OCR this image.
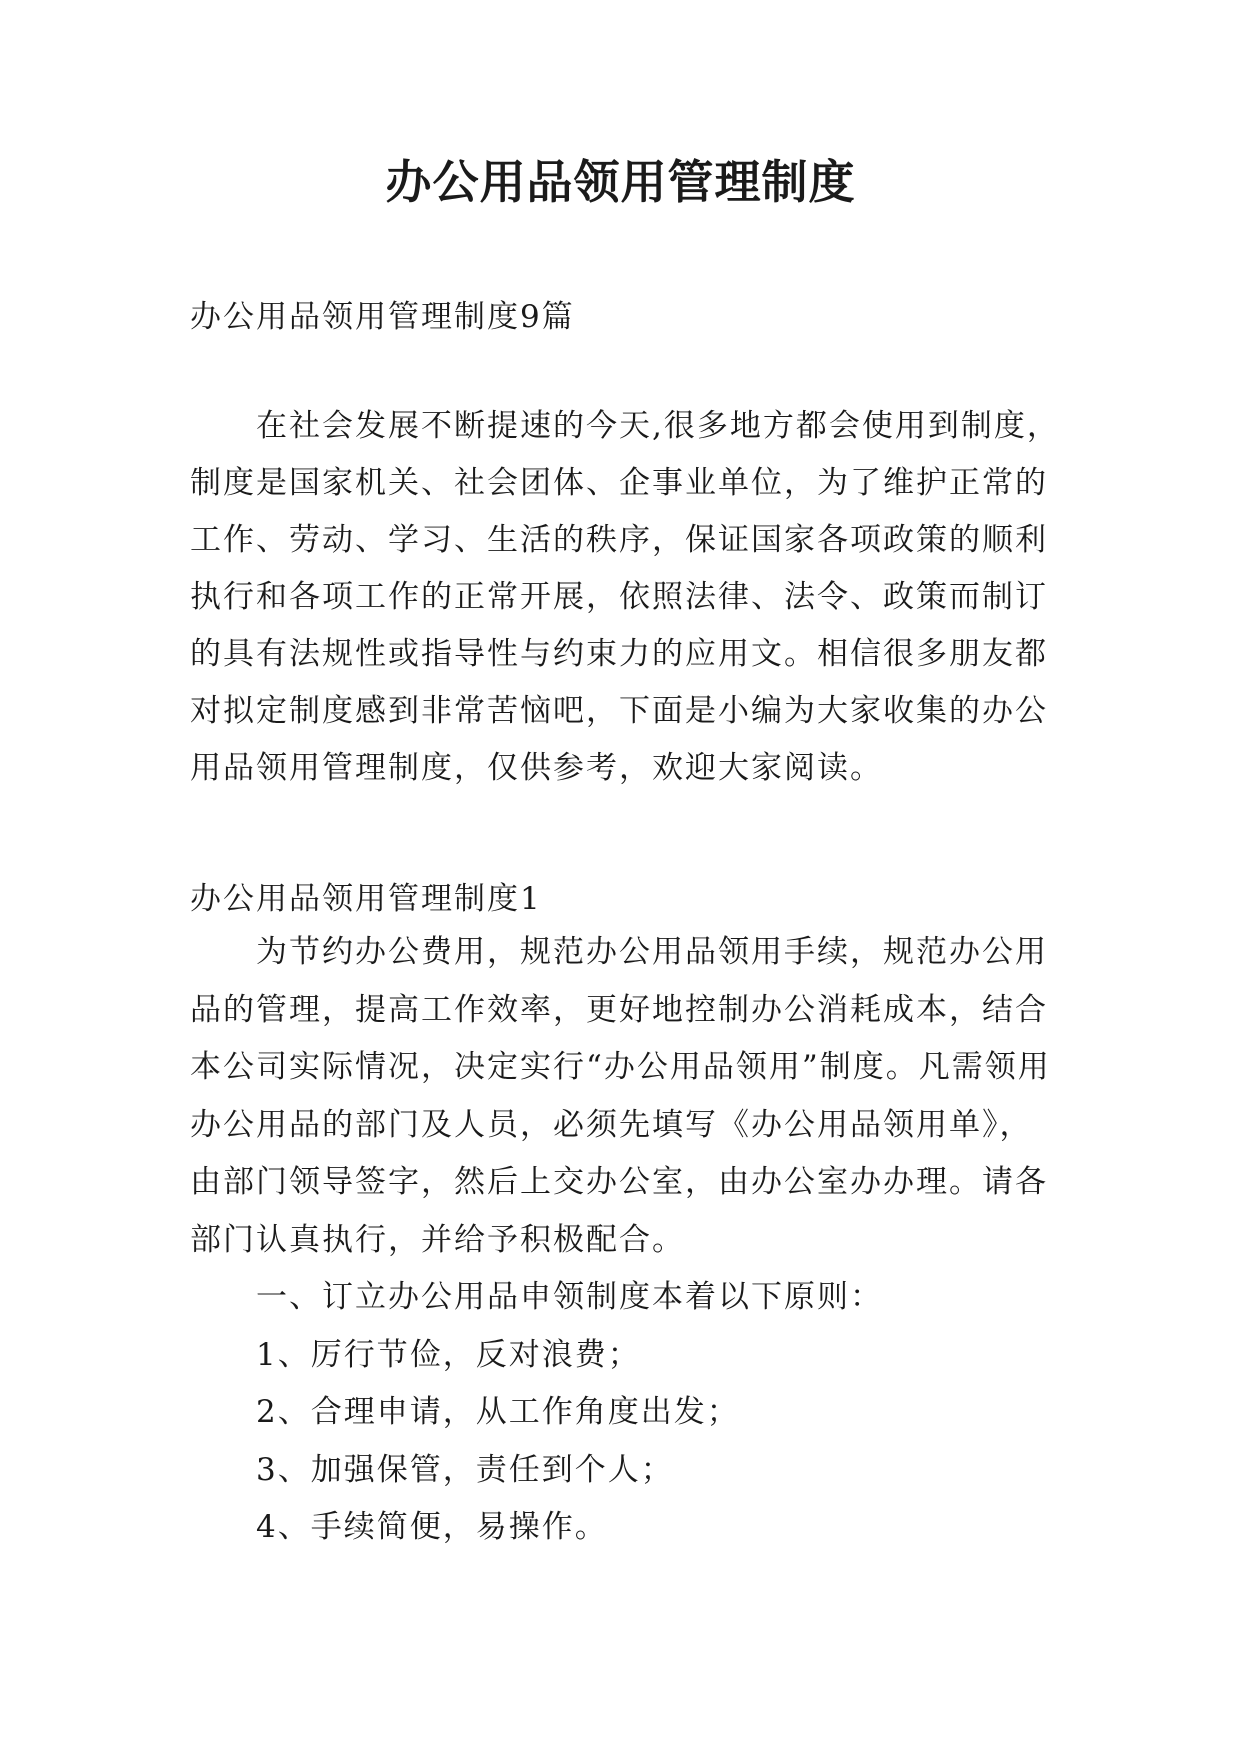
办公用品领用管理制度
办公用品领用管理制度9篇
在社会发展不断提速的今天,很多地方都会使用到制度，制度是国家机关、社会团体、企事业单位，为了维护正常的工作、劳动、学习、生活的秩序，保证国家各项政策的顺利执行和各项工作的正常开展，依照法律、法令、政策而制订的具有法规性或指导性与约束力的应用文。相信很多朋友都对拟定制度感到非常苦恼吧，下面是小编为大家收集的办公用品领用管理制度，仅供参考，欢迎大家阅读。
办公用品领用管理制度1

为节约办公费用，规范办公用品领用手续，规范办公用品的管理，提高工作效率，更好地控制办公消耗成本，结合本公司实际情况，决定实行“办公用品领用”制度。凡需领用办公用品的部门及人员，必须先填写《办公用品领用单》，由部门领导签字，然后上交办公室，由办公室办办理。请各部门认真执行，并给予积极配合。

一、订立办公用品申领制度本着以下原则：

1、厉行节俭，反对浪费；

2、合理申请，从工作角度出发；

3、加强保管，责任到个人；

4、手续简便，易操作。
